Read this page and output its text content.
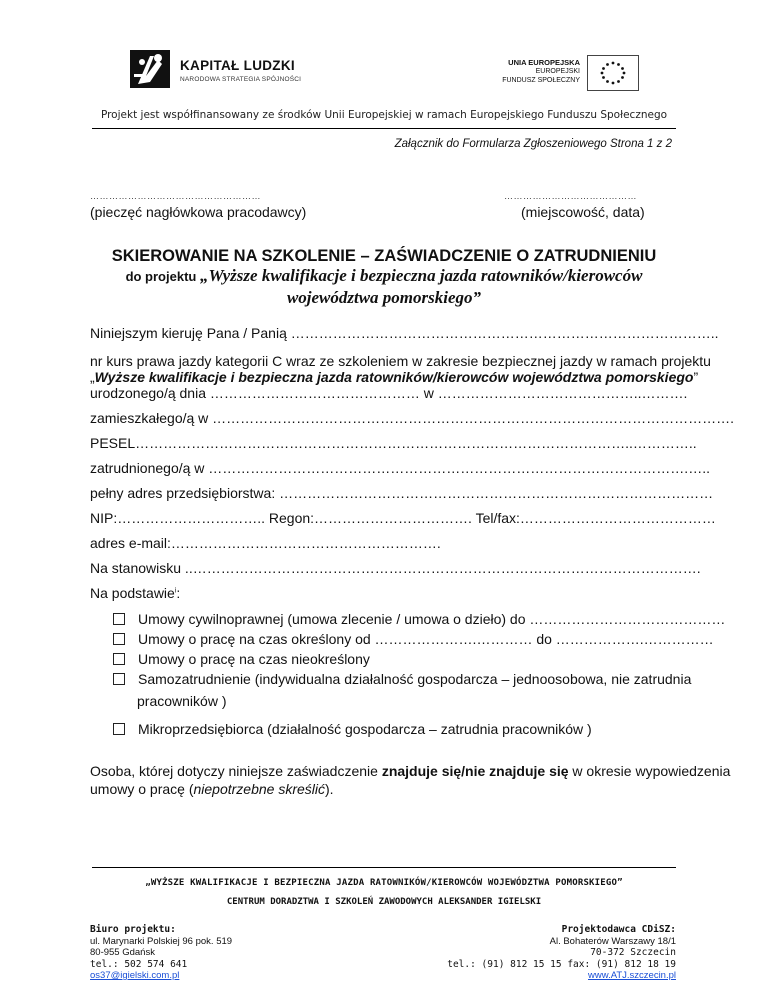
KAPITAŁ LUDZKI
NARODOWA STRATEGIA SPÓJNOŚCI
UNIA EUROPEJSKA
EUROPEJSKI
FUNDUSZ SPOŁECZNY
Projekt jest współfinansowany ze środków Unii Europejskiej w ramach Europejskiego Funduszu Społecznego
Załącznik do Formularza Zgłoszeniowego Strona 1 z 2
………………………………………………	……………………………………
(pieczęć nagłówkowa pracodawcy)	(miejscowość, data)
SKIEROWANIE NA SZKOLENIE – ZAŚWIADCZENIE O ZATRUDNIENIU
do projektu „Wyższe kwalifikacje i bezpieczna jazda ratowników/kierowców
województwa pomorskiego”
Niniejszym kieruję Pana / Panią ………………………………………………………………………………..
nr kurs prawa jazdy kategorii C wraz ze szkoleniem w zakresie bezpiecznej jazdy w ramach projektu
„Wyższe kwalifikacje i bezpieczna jazda ratowników/kierowców województwa pomorskiego”
urodzonego/ą dnia ……………………………………… w ……………………………………..……….
zamieszkałego/ą w ………………………………………………………………………………………………….
PESEL……………………………………………………………………………………………..…………..
zatrudnionego/ą w ………………………………………………………………………………………….…..
pełny adres przedsiębiorstwa: …………………………………………………………………………………
NIP:………………………….. Regon:……………………………. Tel/fax:……………………………………
adres e-mail:………………………………………………….
Na stanowisku ..……………………………………………………………………………………………….
Na podstawie$^i$:
Umowy cywilnoprawnej (umowa zlecenie / umowa o dzieło) do ……………………………………
Umowy o pracę na czas określony od ………………….………… do ……………….……………
Umowy o pracę na czas nieokreślony
Samozatrudnienie (indywidualna działalność gospodarcza – jednoosobowa, nie zatrudnia
pracowników )
Mikroprzedsiębiorca (działalność gospodarcza – zatrudnia pracowników )
Osoba, której dotyczy niniejsze zaświadczenie znajduje się/nie znajduje się w okresie wypowiedzenia
umowy o pracę (niepotrzebne skreślić).
„WYŻSZE KWALIFIKACJE I BEZPIECZNA JAZDA RATOWNIKÓW/KIEROWCÓW WOJEWÓDZTWA POMORSKIEGO”
CENTRUM DORADZTWA I SZKOLEŃ ZAWODOWYCH ALEKSANDER IGIELSKI
Biuro projektu:
ul. Marynarki Polskiej 96 pok. 519
80-955 Gdańsk
tel.: 502 574 641
os37@igielski.com.pl
Projektodawca CDiSZ:
Al. Bohaterów Warszawy 18/1
70-372 Szczecin
tel.: (91) 812 15 15 fax: (91) 812 18 19
www.ATJ.szczecin.pl
